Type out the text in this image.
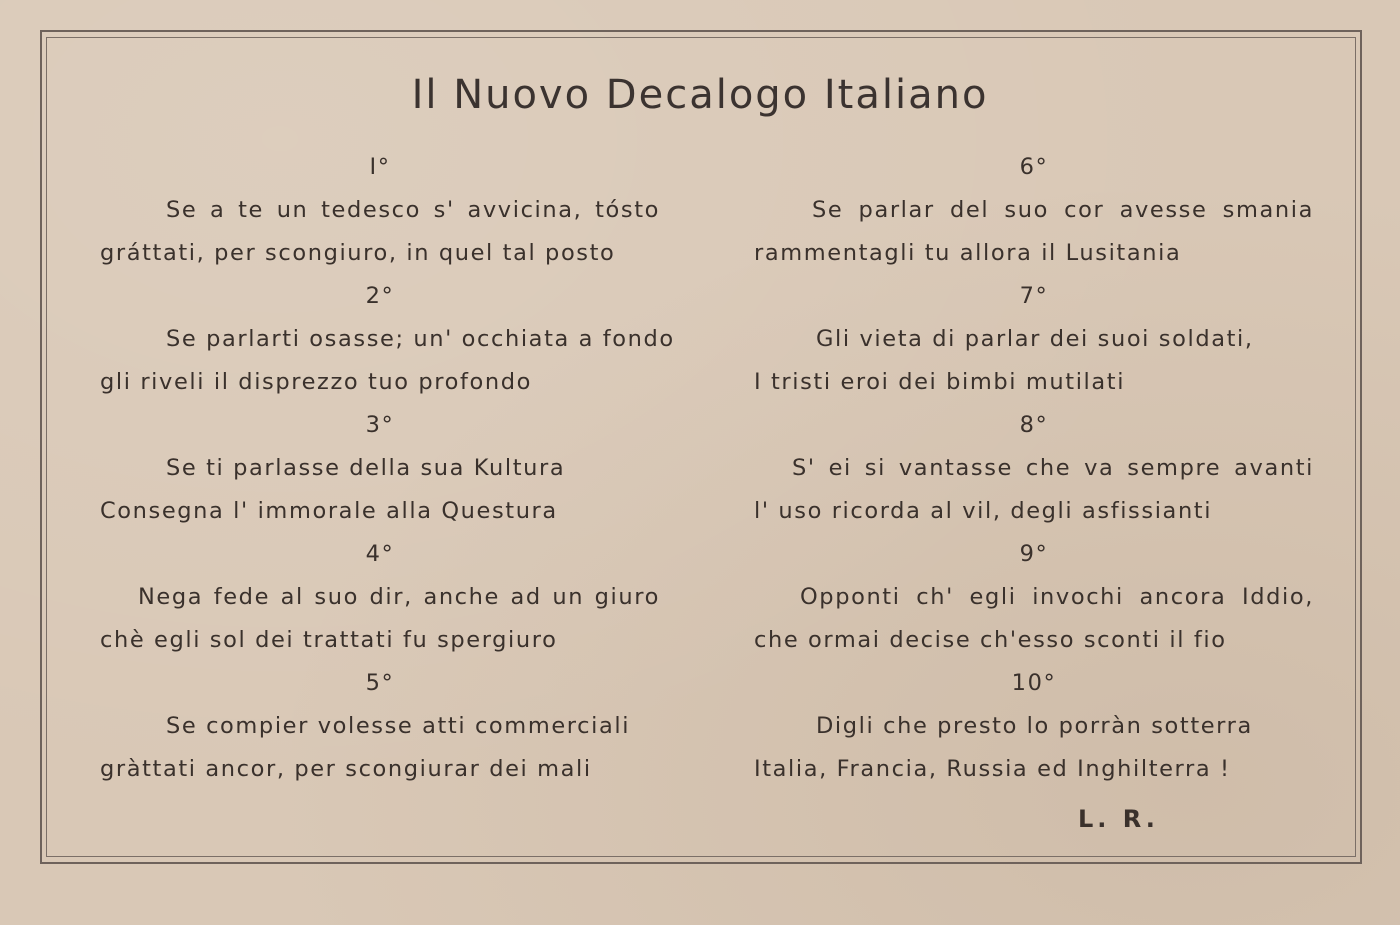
Il Nuovo Decalogo Italiano
I°
Se a te un tedesco s' avvicina, tósto
gráttati, per scongiuro, in quel tal posto
2°
Se parlarti osasse; un' occhiata a fondo
gli riveli il disprezzo tuo profondo
3°
Se ti parlasse della sua Kultura
Consegna l' immorale alla Questura
4°
Nega fede al suo dir, anche ad un giuro
chè egli sol dei trattati fu spergiuro
5°
Se compier volesse atti commerciali
gràttati ancor, per scongiurar dei mali
6°
Se parlar del suo cor avesse smania
rammentagli tu allora il Lusitania
7°
Gli vieta di parlar dei suoi soldati,
I tristi eroi dei bimbi mutilati
8°
S' ei si vantasse che va sempre avanti
l' uso ricorda al vil, degli asfissianti
9°
Opponti ch' egli invochi ancora Iddio,
che ormai decise ch'esso sconti il fio
10°
Digli che presto lo porràn sotterra
Italia, Francia, Russia ed Inghilterra !
L. R.
